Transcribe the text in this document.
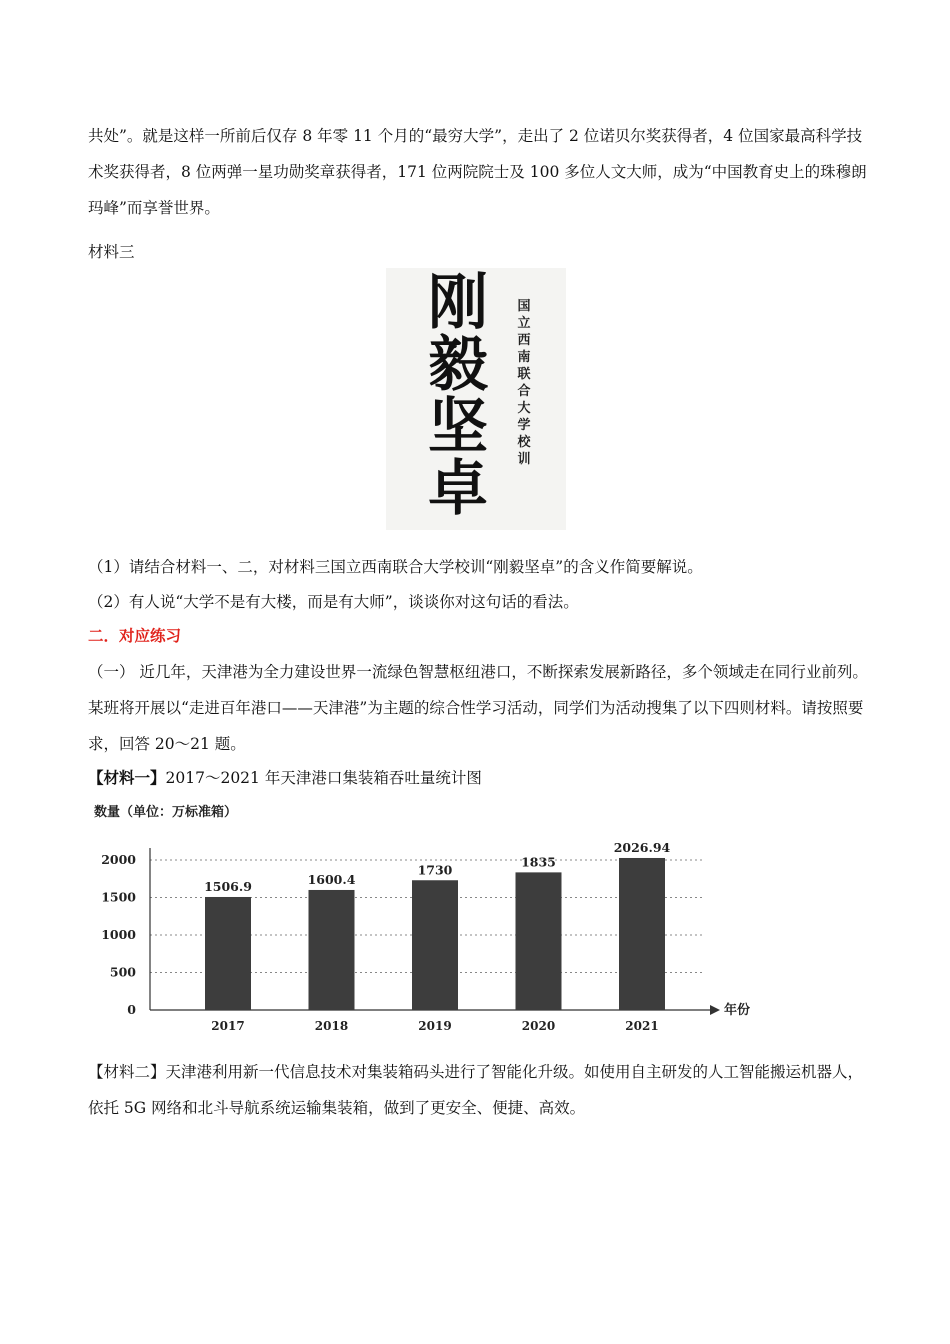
共处”。就是这样一所前后仅存 8 年零 11 个月的“最穷大学”，走出了 2 位诺贝尔奖获得者，4 位国家最高科学技术奖获得者，8 位两弹一星功勋奖章获得者，171 位两院院士及 100 多位人文大师，成为“中国教育史上的珠穆朗玛峰”而享誉世界。

材料三

刚毅坚卓
国立西南联合大学校训

（1）请结合材料一、二，对材料三国立西南联合大学校训“刚毅坚卓”的含义作简要解说。

（2）有人说“大学不是有大楼，而是有大师”，谈谈你对这句话的看法。

二．对应练习

（一） 近几年，天津港为全力建设世界一流绿色智慧枢纽港口，不断探索发展新路径，多个领域走在同行业前列。某班将开展以“走进百年港口——天津港”为主题的综合性学习活动，同学们为活动搜集了以下四则材料。请按照要求，回答 20～21 题。

【材料一】2017～2021 年天津港口集装箱吞吐量统计图

数量（单位：万标准箱）
0
500
1000
1500
2000
年份
1506.9
2017
1600.4
2018
1730
2019
1835
2020
2026.94
2021

【材料二】天津港利用新一代信息技术对集装箱码头进行了智能化升级。如使用自主研发的人工智能搬运机器人，依托 5G 网络和北斗导航系统运输集装箱，做到了更安全、便捷、高效。
